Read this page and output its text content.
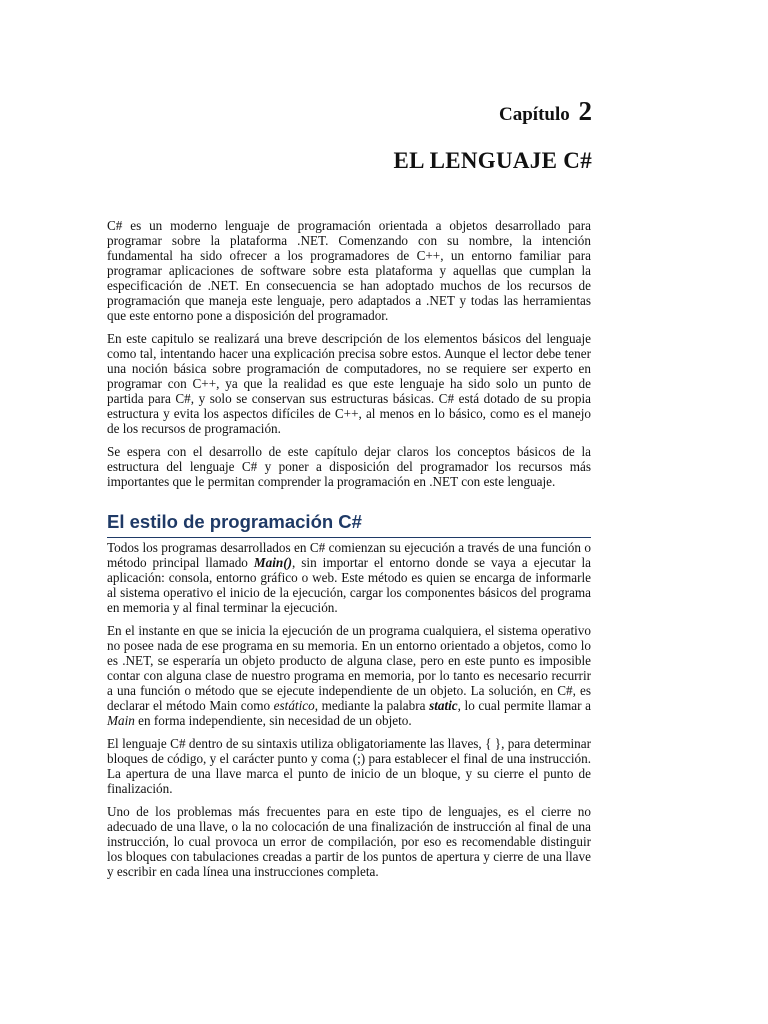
Capítulo 2
EL LENGUAJE C#

C# es un moderno lenguaje de programación orientada a objetos desarrollado para programar sobre la plataforma .NET. Comenzando con su nombre, la intención fundamental ha sido ofrecer a los programadores de C++, un entorno familiar para programar aplicaciones de software sobre esta plataforma y aquellas que cumplan la especificación de .NET. En consecuencia se han adoptado muchos de los recursos de programación que maneja este lenguaje, pero adaptados a .NET y todas las herramientas que este entorno pone a disposición del programador.

En este capitulo se realizará una breve descripción de los elementos básicos del lenguaje como tal, intentando hacer una explicación precisa sobre estos. Aunque el lector debe tener una noción básica sobre programación de computadores, no se requiere ser experto en programar con C++, ya que la realidad es que este lenguaje ha sido solo un punto de partida para C#, y solo se conservan sus estructuras básicas. C# está dotado de su propia estructura y evita los aspectos difíciles de C++, al menos en lo básico, como es el manejo de los recursos de programación.

Se espera con el desarrollo de este capítulo dejar claros los conceptos básicos de la estructura del lenguaje C# y poner a disposición del programador los recursos más importantes que le permitan comprender la programación en .NET con este lenguaje.

El estilo de programación C#

Todos los programas desarrollados en C# comienzan su ejecución a través de una función o método principal llamado Main(), sin importar el entorno donde se vaya a ejecutar la aplicación: consola, entorno gráfico o web. Este método es quien se encarga de informarle al sistema operativo el inicio de la ejecución, cargar los componentes básicos del programa en memoria y al final terminar la ejecución.

En el instante en que se inicia la ejecución de un programa cualquiera, el sistema operativo no posee nada de ese programa en su memoria. En un entorno orientado a objetos, como lo es .NET, se esperaría un objeto producto de alguna clase, pero en este punto es imposible contar con alguna clase de nuestro programa en memoria, por lo tanto es necesario recurrir a una función o método que se ejecute independiente de un objeto. La solución, en C#, es declarar el método Main como estático, mediante la palabra static, lo cual permite llamar a Main en forma independiente, sin necesidad de un objeto.

El lenguaje C# dentro de su sintaxis utiliza obligatoriamente las llaves, { }, para determinar bloques de código, y el carácter punto y coma (;) para establecer el final de una instrucción. La apertura de una llave marca el punto de inicio de un bloque, y su cierre el punto de finalización.

Uno de los problemas más frecuentes para en este tipo de lenguajes, es el cierre no adecuado de una llave, o la no colocación de una finalización de instrucción al final de una instrucción, lo cual provoca un error de compilación, por eso es recomendable distinguir los bloques con tabulaciones creadas a partir de los puntos de apertura y cierre de una llave y escribir en cada línea una instrucciones completa.
